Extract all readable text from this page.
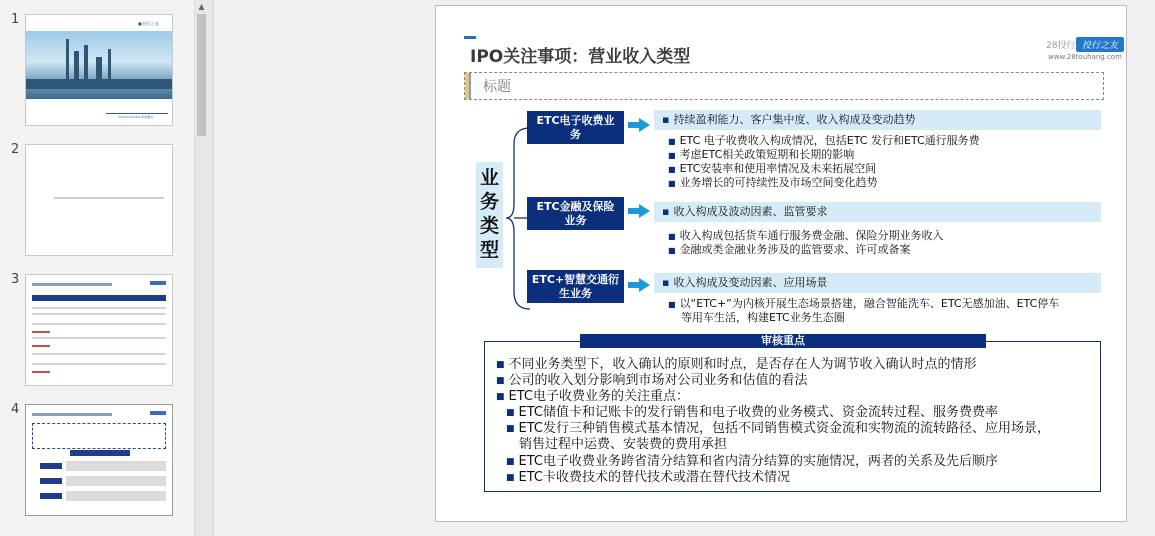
1	■ 投行之友
2018·2019 IPO 审核要点
2
3
4
▲
IPO关注事项：营业收入类型
28投行 投行之友
www.28touhang.com
标题
业
务
类
型
ETC电子收费业务
▪ 持续盈利能力、客户集中度、收入构成及变动趋势
■ ETC 电子收费收入构成情况，包括ETC 发行和ETC通行服务费
■ 考虑ETC相关政策短期和长期的影响
■ ETC安装率和使用率情况及未来拓展空间
■ 业务增长的可持续性及市场空间变化趋势
ETC金融及保险业务
▪ 收入构成及波动因素、监管要求
■ 收入构成包括货车通行服务费金融、保险分期业务收入
■ 金融或类金融业务涉及的监管要求、许可或备案
ETC+智慧交通衍生业务
▪ 收入构成及变动因素、应用场景
■ 以“ETC+”为内核开展生态场景搭建，融合智能洗车、ETC无感加油、ETC停车
等用车生活，构建ETC业务生态圈
审核重点
■ 不同业务类型下，收入确认的原则和时点，是否存在人为调节收入确认时点的情形
■ 公司的收入划分影响到市场对公司业务和估值的看法
■ ETC电子收费业务的关注重点：
■ ETC储值卡和记账卡的发行销售和电子收费的业务模式、资金流转过程、服务费费率
■ ETC发行三种销售模式基本情况，包括不同销售模式资金流和实物流的流转路径、应用场景，
销售过程中运费、安装费的费用承担
■ ETC电子收费业务跨省清分结算和省内清分结算的实施情况，两者的关系及先后顺序
■ ETC卡收费技术的替代技术或潜在替代技术情况
